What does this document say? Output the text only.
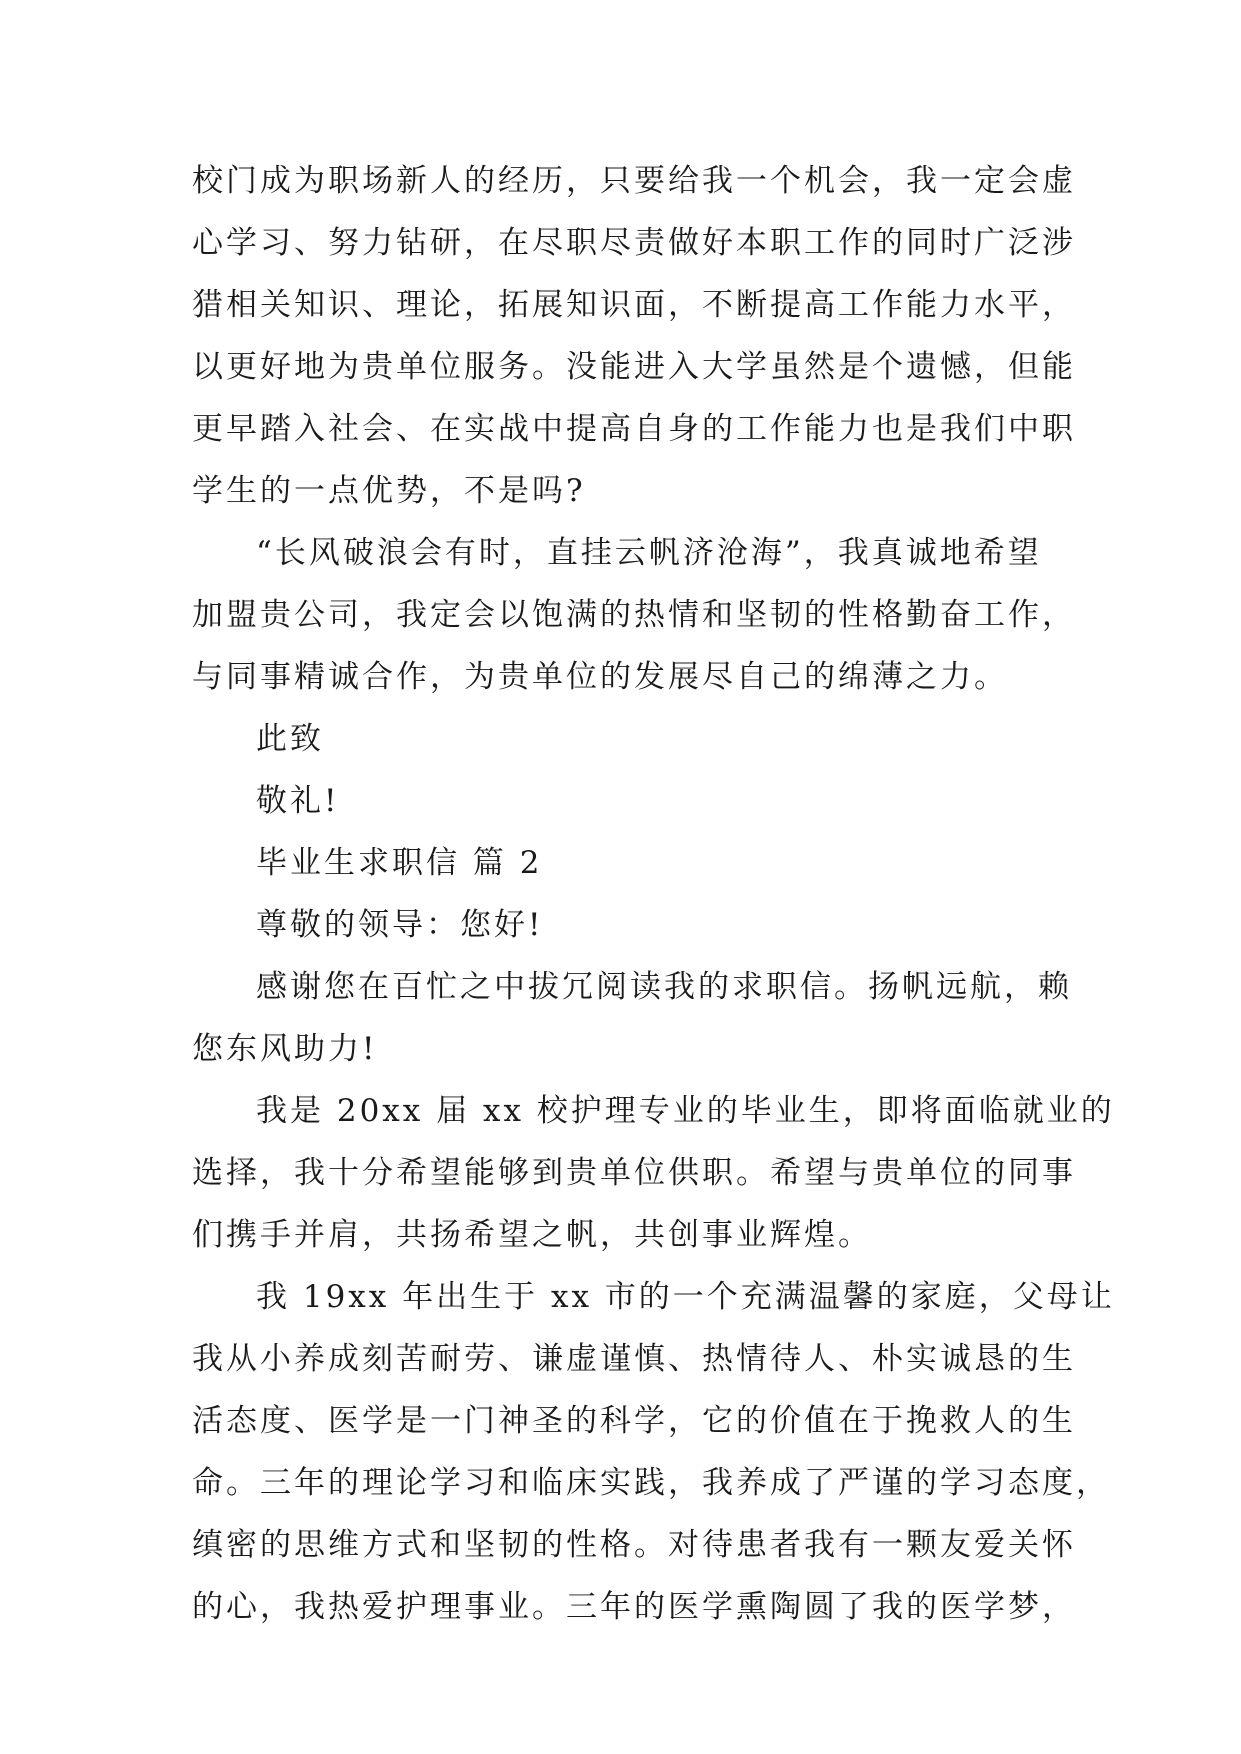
校门成为职场新人的经历，只要给我一个机会，我一定会虚
心学习、努力钻研，在尽职尽责做好本职工作的同时广泛涉
猎相关知识、理论，拓展知识面，不断提高工作能力水平，
以更好地为贵单位服务。没能进入大学虽然是个遗憾，但能
更早踏入社会、在实战中提高自身的工作能力也是我们中职
学生的一点优势，不是吗?
“长风破浪会有时，直挂云帆济沧海”，我真诚地希望
加盟贵公司，我定会以饱满的热情和坚韧的性格勤奋工作，
与同事精诚合作，为贵单位的发展尽自己的绵薄之力。
此致
敬礼!
毕业生求职信 篇 2
尊敬的领导：您好!
感谢您在百忙之中拔冗阅读我的求职信。扬帆远航，赖
您东风助力!
我是 20xx 届 xx 校护理专业的毕业生，即将面临就业的
选择，我十分希望能够到贵单位供职。希望与贵单位的同事
们携手并肩，共扬希望之帆，共创事业辉煌。
我 19xx 年出生于 xx 市的一个充满温馨的家庭，父母让
我从小养成刻苦耐劳、谦虚谨慎、热情待人、朴实诚恳的生
活态度、医学是一门神圣的科学，它的价值在于挽救人的生
命。三年的理论学习和临床实践，我养成了严谨的学习态度，
缜密的思维方式和坚韧的性格。对待患者我有一颗友爱关怀
的心，我热爱护理事业。三年的医学熏陶圆了我的医学梦，
